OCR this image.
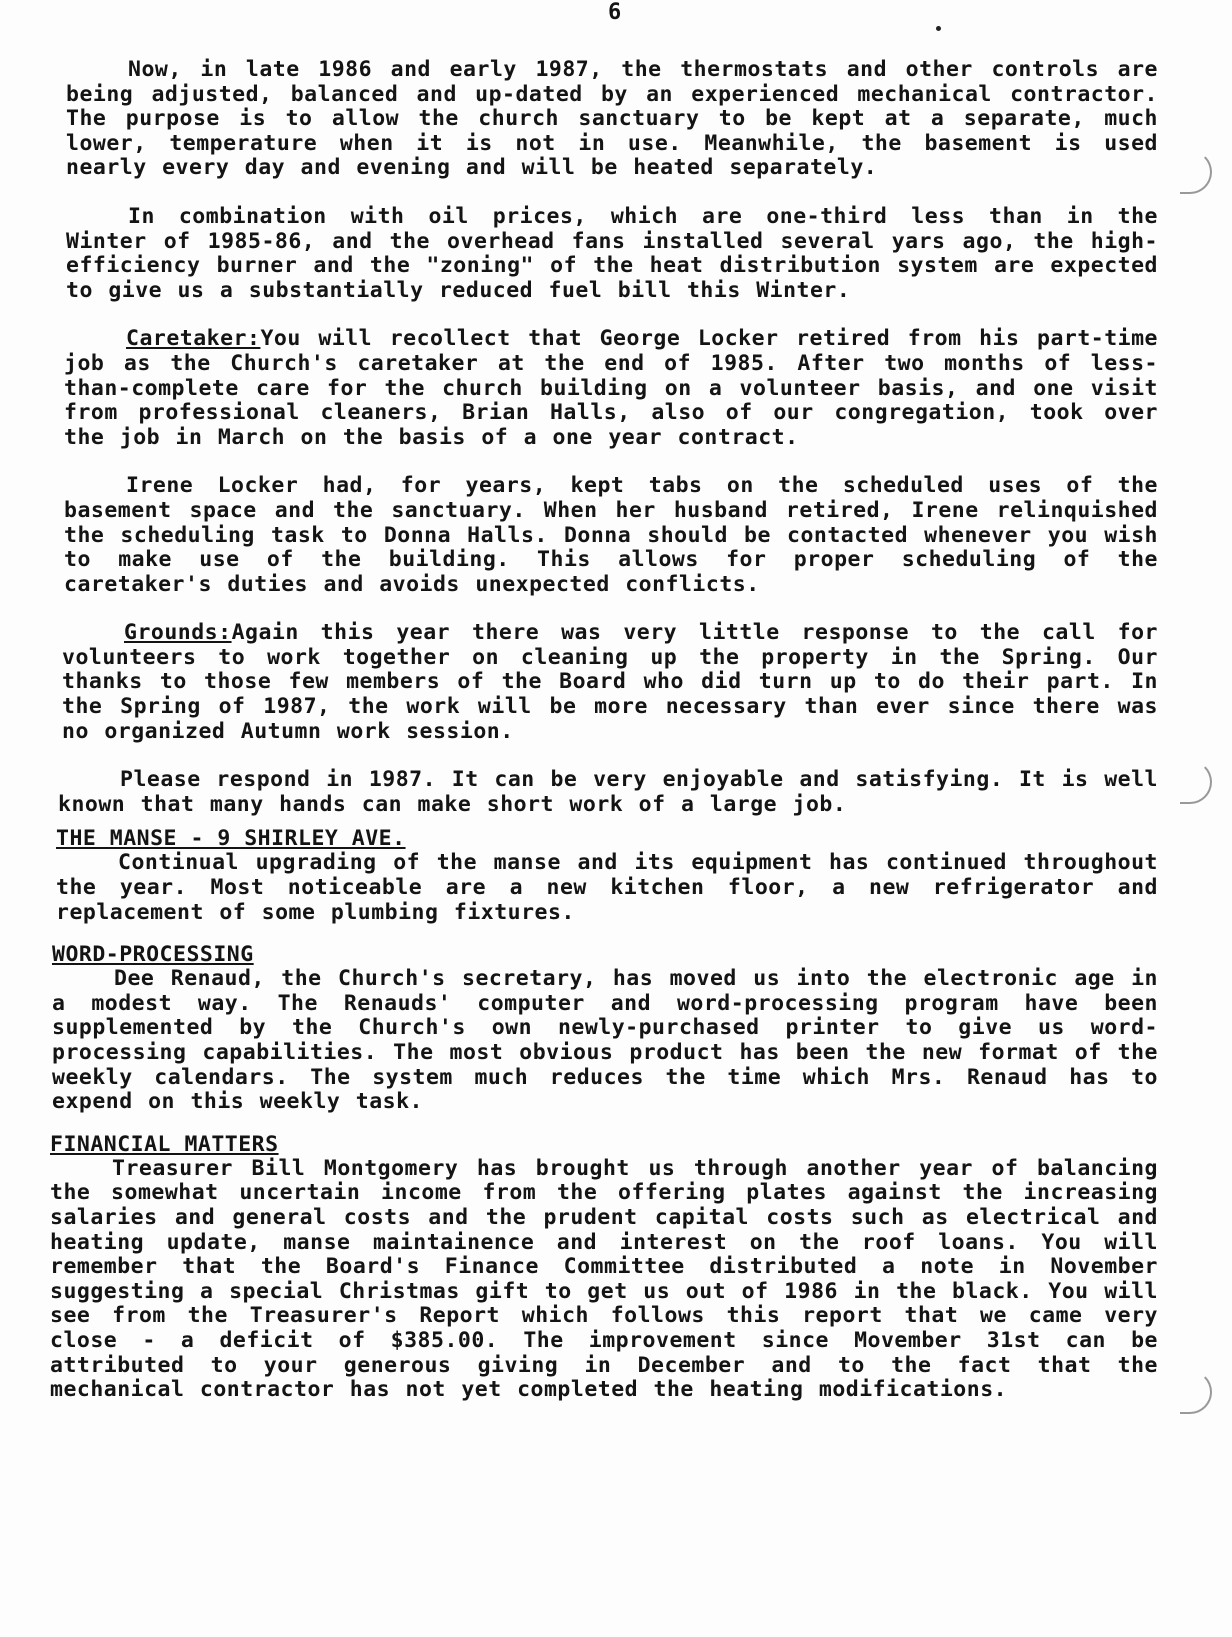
6

Now, in late 1986 and early 1987, the thermostats and other controls are being adjusted, balanced and up-dated by an experienced mechanical contractor. The purpose is to allow the church sanctuary to be kept at a separate, much lower, temperature when it is not in use. Meanwhile, the basement is used nearly every day and evening and will be heated separately.

In combination with oil prices, which are one-third less than in the Winter of 1985-86, and the overhead fans installed several yars ago, the high-efficiency burner and the "zoning" of the heat distribution system are expected to give us a substantially reduced fuel bill this Winter.

Caretaker:You will recollect that George Locker retired from his part-time job as the Church's caretaker at the end of 1985. After two months of less-than-complete care for the church building on a volunteer basis, and one visit from professional cleaners, Brian Halls, also of our congregation, took over the job in March on the basis of a one year contract.

Irene Locker had, for years, kept tabs on the scheduled uses of the basement space and the sanctuary. When her husband retired, Irene relinquished the scheduling task to Donna Halls. Donna should be contacted whenever you wish to make use of the building. This allows for proper scheduling of the caretaker's duties and avoids unexpected conflicts.

Grounds:Again this year there was very little response to the call for volunteers to work together on cleaning up the property in the Spring. Our thanks to those few members of the Board who did turn up to do their part. In the Spring of 1987, the work will be more necessary than ever since there was no organized Autumn work session.

Please respond in 1987. It can be very enjoyable and satisfying. It is well known that many hands can make short work of a large job.

THE MANSE - 9 SHIRLEY AVE.

Continual upgrading of the manse and its equipment has continued throughout the year. Most noticeable are a new kitchen floor, a new refrigerator and replacement of some plumbing fixtures.

WORD-PROCESSING

Dee Renaud, the Church's secretary, has moved us into the electronic age in a modest way. The Renauds' computer and word-processing program have been supplemented by the Church's own newly-purchased printer to give us word-processing capabilities. The most obvious product has been the new format of the weekly calendars. The system much reduces the time which Mrs. Renaud has to expend on this weekly task.

FINANCIAL MATTERS

Treasurer Bill Montgomery has brought us through another year of balancing the somewhat uncertain income from the offering plates against the increasing salaries and general costs and the prudent capital costs such as electrical and heating update, manse maintainence and interest on the roof loans. You will remember that the Board's Finance Committee distributed a note in November suggesting a special Christmas gift to get us out of 1986 in the black. You will see from the Treasurer's Report which follows this report that we came very close - a deficit of $385.00. The improvement since Movember 31st can be attributed to your generous giving in December and to the fact that the mechanical contractor has not yet completed the heating modifications.
